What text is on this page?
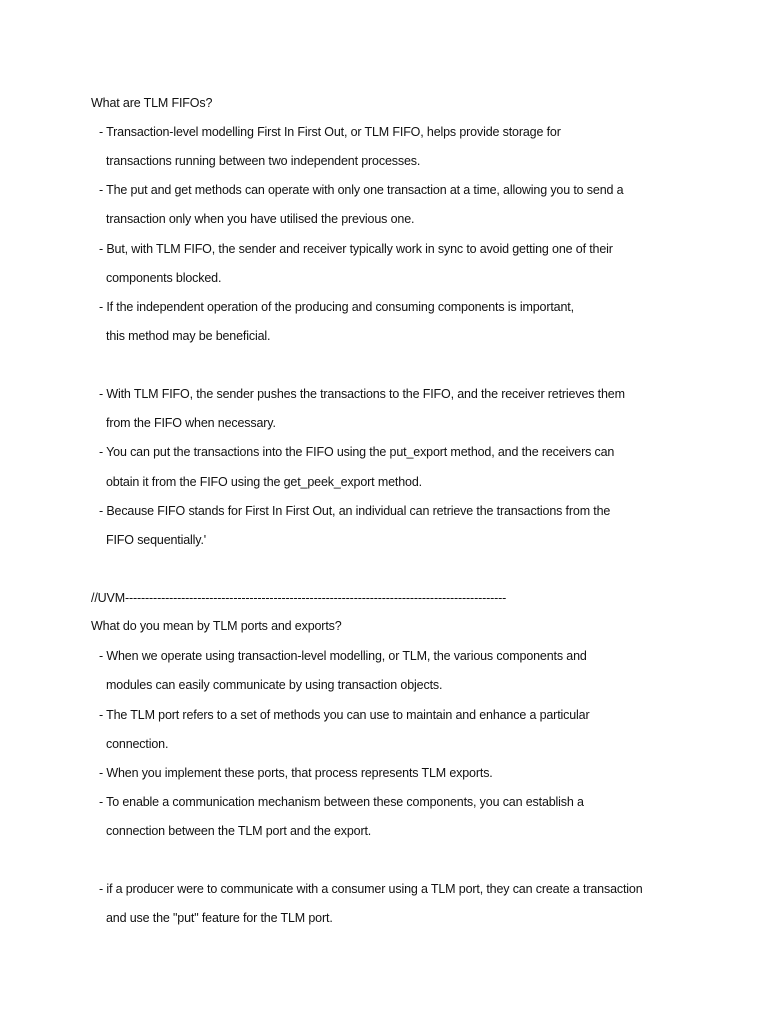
What are TLM FIFOs?
- Transaction-level modelling First In First Out, or TLM FIFO, helps provide storage for
transactions running between two independent processes.
- The put and get methods can operate with only one transaction at a time, allowing you to send a
transaction only when you have utilised the previous one.
- But, with TLM FIFO, the sender and receiver typically work in sync to avoid getting one of their
components blocked.
- If the independent operation of the producing and consuming components is important,
this method may be beneficial.
- With TLM FIFO, the sender pushes the transactions to the FIFO, and the receiver retrieves them
from the FIFO when necessary.
- You can put the transactions into the FIFO using the put_export method, and the receivers can
obtain it from the FIFO using the get_peek_export method.
- Because FIFO stands for First In First Out, an individual can retrieve the transactions from the
FIFO sequentially.'
//UVM-----------------------------------------------------------------------------------------------
What do you mean by TLM ports and exports?
- When we operate using transaction-level modelling, or TLM, the various components and
modules can easily communicate by using transaction objects.
- The TLM port refers to a set of methods you can use to maintain and enhance a particular
connection.
- When you implement these ports, that process represents TLM exports.
- To enable a communication mechanism between these components, you can establish a
connection between the TLM port and the export.
- if a producer were to communicate with a consumer using a TLM port, they can create a transaction
and use the "put" feature for the TLM port.
